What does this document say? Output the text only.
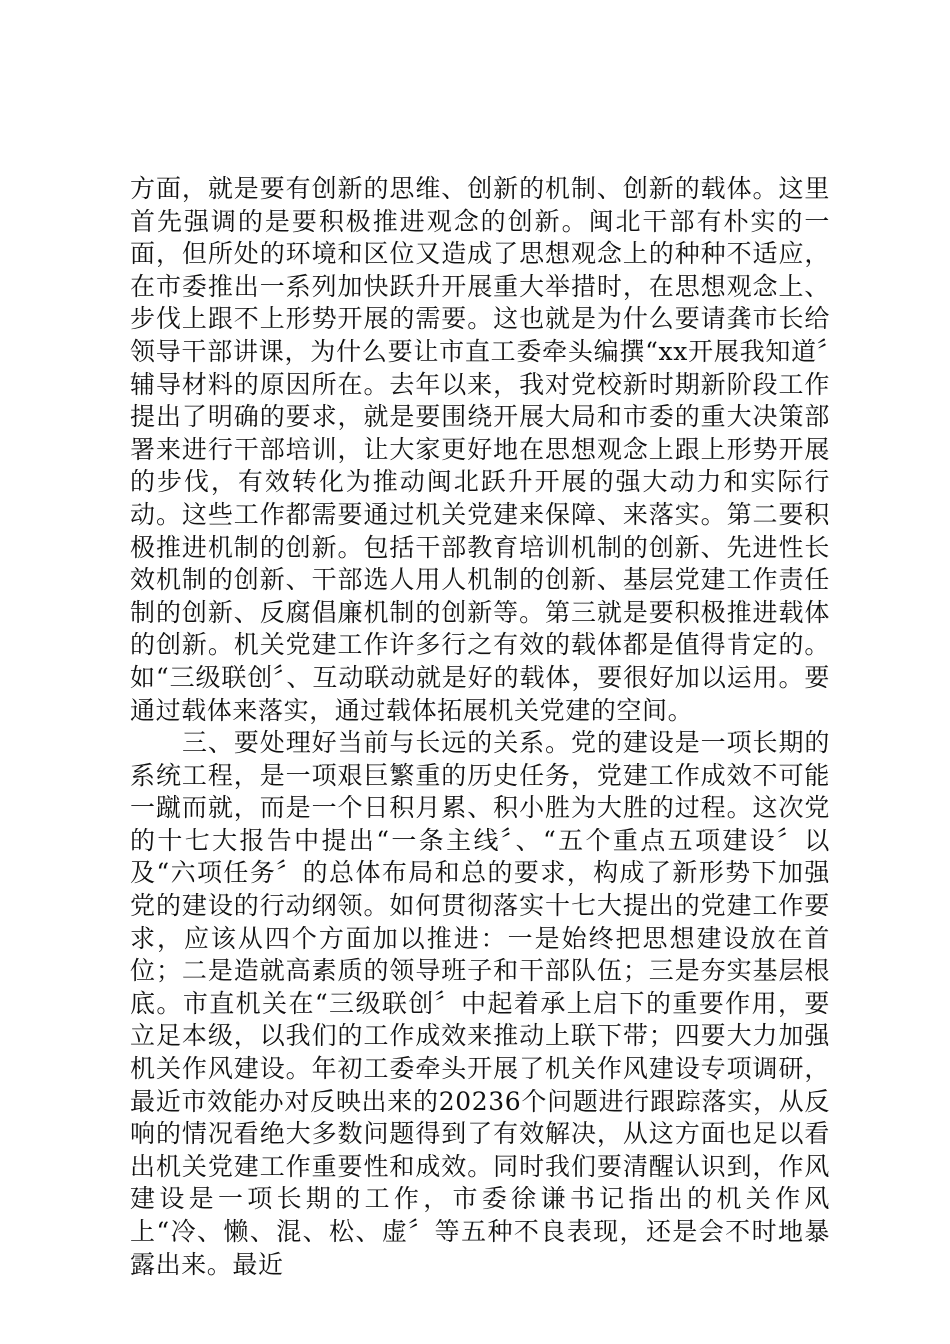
方面，就是要有创新的思维、创新的机制、创新的载体。这里首先强调的是要积极推进观念的创新。闽北干部有朴实的一面，但所处的环境和区位又造成了思想观念上的种种不适应，在市委推出一系列加快跃升开展重大举措时，在思想观念上、步伐上跟不上形势开展的需要。这也就是为什么要请龚市长给领导干部讲课，为什么要让市直工委牵头编撰“xx开展我知道〞辅导材料的原因所在。去年以来，我对党校新时期新阶段工作提出了明确的要求，就是要围绕开展大局和市委的重大决策部署来进行干部培训，让大家更好地在思想观念上跟上形势开展的步伐，有效转化为推动闽北跃升开展的强大动力和实际行动。这些工作都需要通过机关党建来保障、来落实。第二要积极推进机制的创新。包括干部教育培训机制的创新、先进性长效机制的创新、干部选人用人机制的创新、基层党建工作责任制的创新、反腐倡廉机制的创新等。第三就是要积极推进载体的创新。机关党建工作许多行之有效的载体都是值得肯定的。如“三级联创〞、互动联动就是好的载体，要很好加以运用。要通过载体来落实，通过载体拓展机关党建的空间。

三、要处理好当前与长远的关系。党的建设是一项长期的系统工程，是一项艰巨繁重的历史任务，党建工作成效不可能一蹴而就，而是一个日积月累、积小胜为大胜的过程。这次党的十七大报告中提出“一条主线〞、“五个重点五项建设〞以及“六项任务〞的总体布局和总的要求，构成了新形势下加强党的建设的行动纲领。如何贯彻落实十七大提出的党建工作要求，应该从四个方面加以推进：一是始终把思想建设放在首位；二是造就高素质的领导班子和干部队伍；三是夯实基层根底。市直机关在“三级联创〞中起着承上启下的重要作用，要立足本级，以我们的工作成效来推动上联下带；四要大力加强机关作风建设。年初工委牵头开展了机关作风建设专项调研，最近市效能办对反映出来的20236个问题进行跟踪落实，从反响的情况看绝大多数问题得到了有效解决，从这方面也足以看出机关党建工作重要性和成效。同时我们要清醒认识到，作风建设是一项长期的工作，市委徐谦书记指出的机关作风上“冷、懒、混、松、虚〞等五种不良表现，还是会不时地暴露出来。最近
